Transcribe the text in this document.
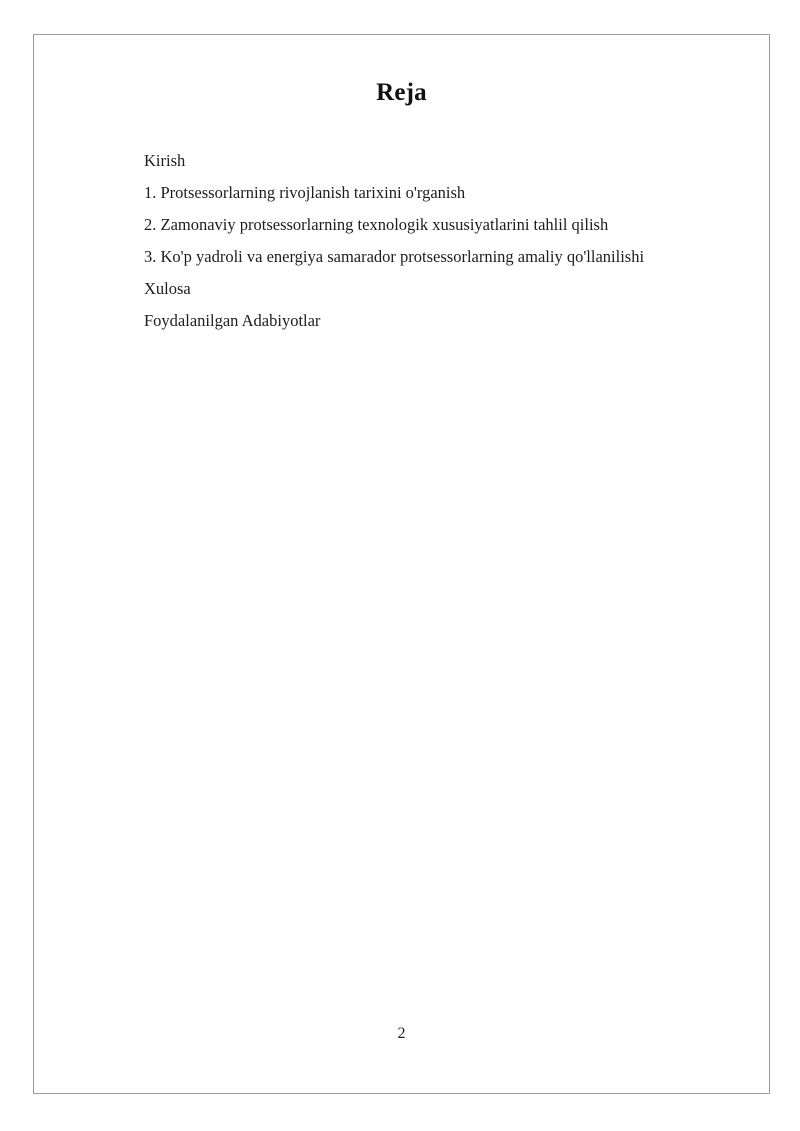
Reja
Kirish
1. Protsessorlarning rivojlanish tarixini o'rganish
2. Zamonaviy protsessorlarning texnologik xususiyatlarini tahlil qilish
3. Ko'p yadroli va energiya samarador protsessorlarning amaliy qo'llanilishi
Xulosa
Foydalanilgan Adabiyotlar
2
